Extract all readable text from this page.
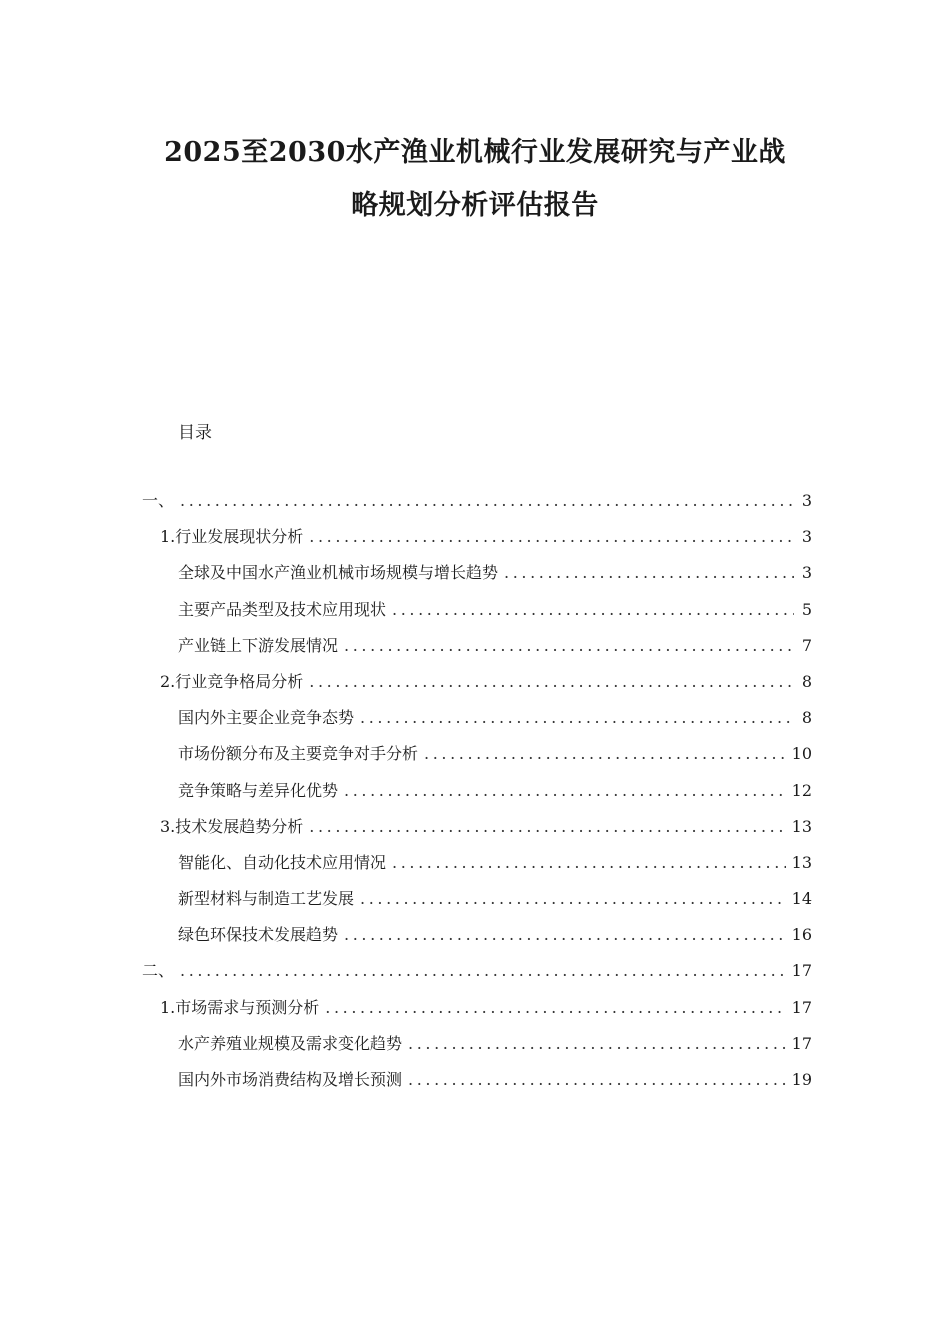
2025至2030水产渔业机械行业发展研究与产业战
略规划分析评估报告
目录
一、 .....	3
1. 行业发展现状分析 .....	3
全球及中国水产渔业机械市场规模与增长趋势 .....	3
主要产品类型及技术应用现状 .....	5
产业链上下游发展情况 .....	7
2. 行业竞争格局分析 .....	8
国内外主要企业竞争态势 .....	8
市场份额分布及主要竞争对手分析 .....	10
竞争策略与差异化优势 .....	12
3. 技术发展趋势分析 .....	13
智能化、自动化技术应用情况 .....	13
新型材料与制造工艺发展 .....	14
绿色环保技术发展趋势 .....	16
二、 .....	17
1. 市场需求与预测分析 .....	17
水产养殖业规模及需求变化趋势 .....	17
国内外市场消费结构及增长预测 .....	19
